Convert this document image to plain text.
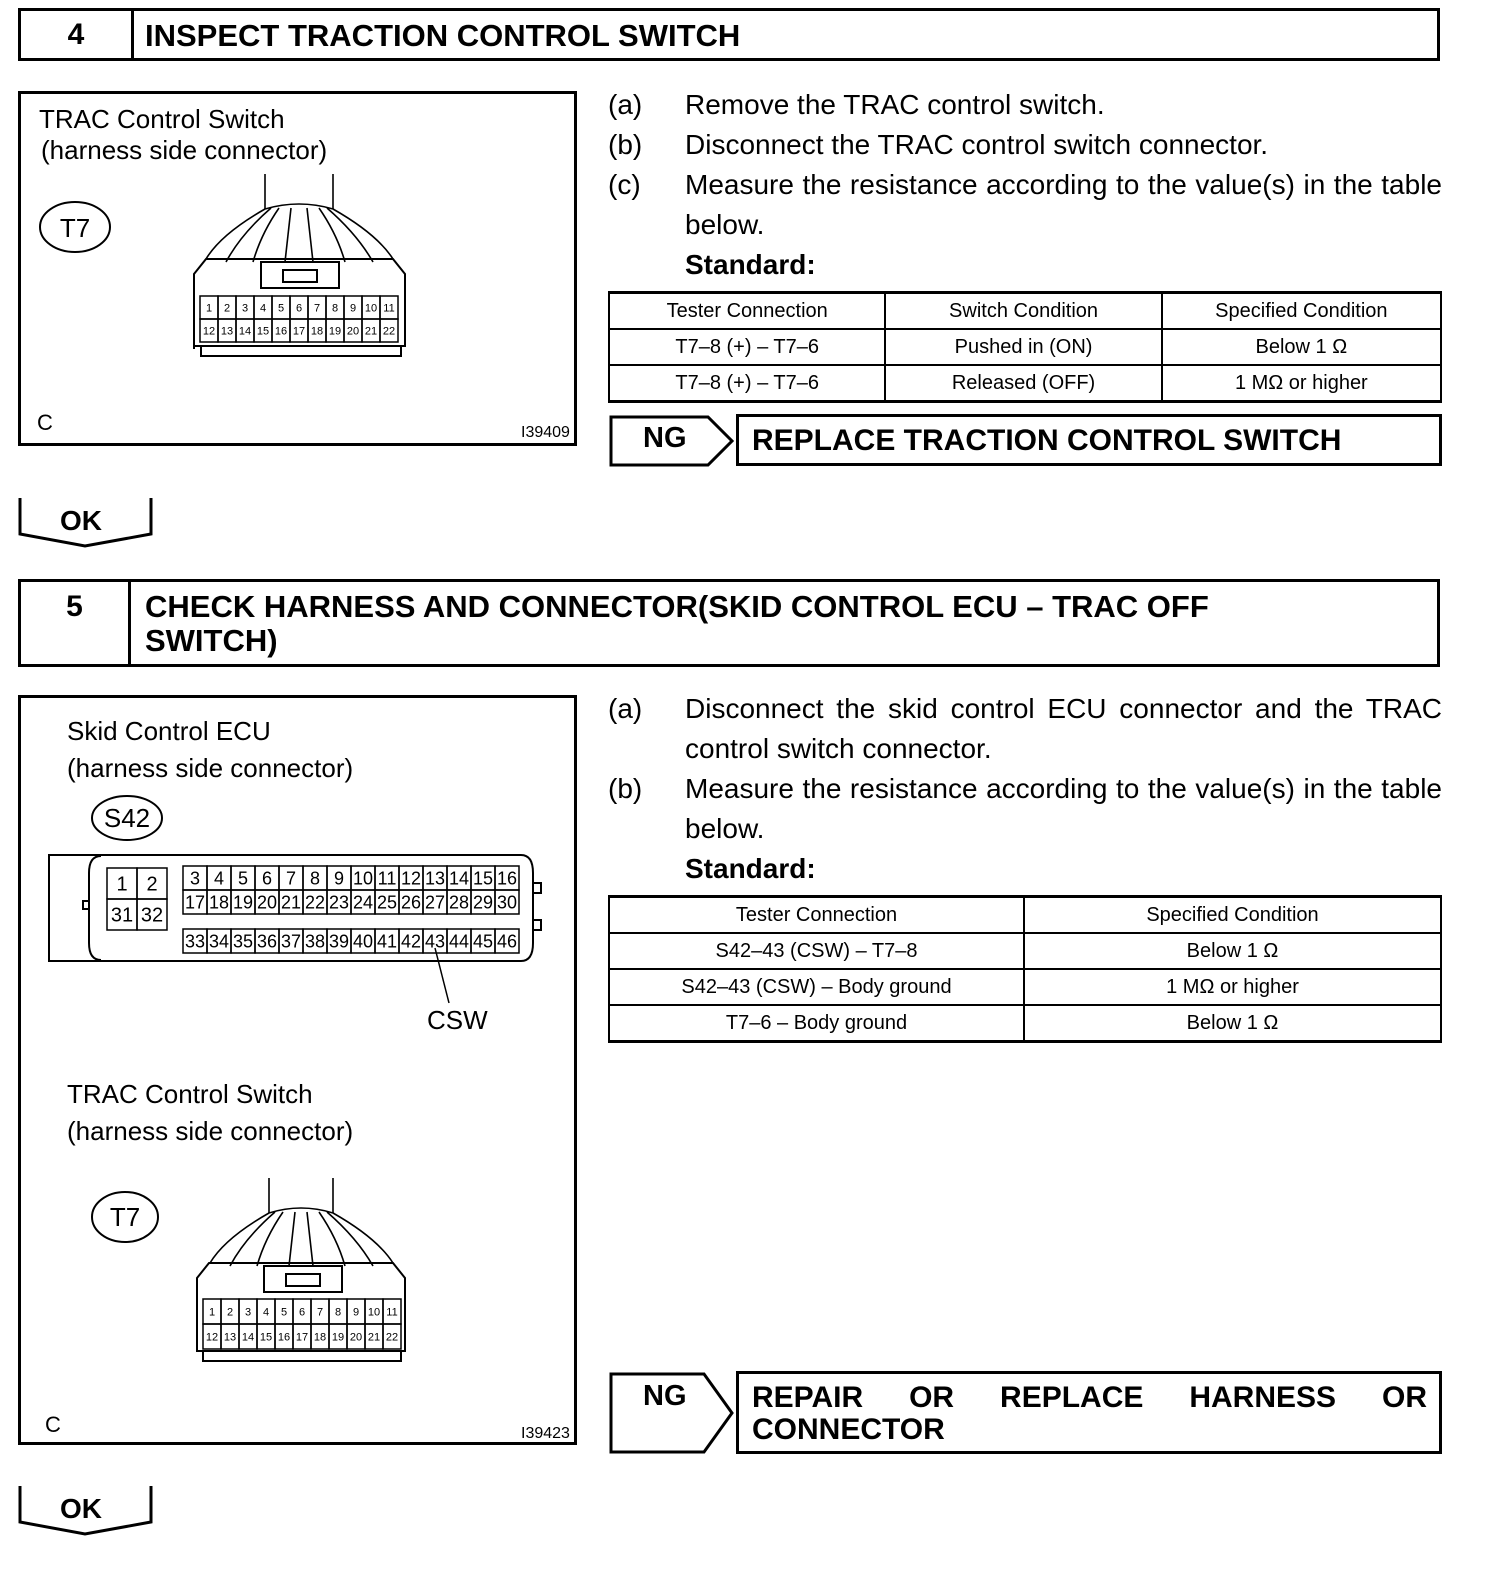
4	INSPECT TRACTION CONTROL SWITCH
TRAC Control Switch
(harness side connector)
T7
1 2 3 4 5 6 7 8 9 10 11
12 13 14 15 16 17 18 19 20 21 22
C	I39409
(a)	Remove the TRAC control switch.
(b)	Disconnect the TRAC control switch connector.
(c)	Measure the resistance according to the value(s) in the table below.
Standard:
Tester Connection	Switch Condition	Specified Condition
T7–8 (+) – T7–6	Pushed in (ON)	Below 1 Ω
T7–8 (+) – T7–6	Released (OFF)	1 MΩ or higher
NG REPLACE TRACTION CONTROL SWITCH
OK
5	CHECK HARNESS AND CONNECTOR(SKID CONTROL ECU – TRAC OFF
SWITCH)
Skid Control ECU
(harness side connector)
TRAC Control Switch
(harness side connector)
S42
1 2
31 32
3 4 5 6 7 8 9 10 11 12 13 14 15 16
17 18 19 20 21 22 23 24 25 26 27 28 29 30
33 34 35 36 37 38 39 40 41 42 43 44 45 46
CSW
T7
1 2 3 4 5 6 7 8 9 10 11
12 13 14 15 16 17 18 19 20 21 22
C	I39423
(a)	Disconnect the skid control ECU connector and the TRAC control switch connector.
(b)	Measure the resistance according to the value(s) in the table below.
Standard:
Tester Connection	Specified Condition
S42–43 (CSW) – T7–8	Below 1 Ω
S42–43 (CSW) – Body ground	1 MΩ or higher
T7–6 – Body ground	Below 1 Ω
NG REPAIR OR REPLACE HARNESS OR CONNECTOR
OK
